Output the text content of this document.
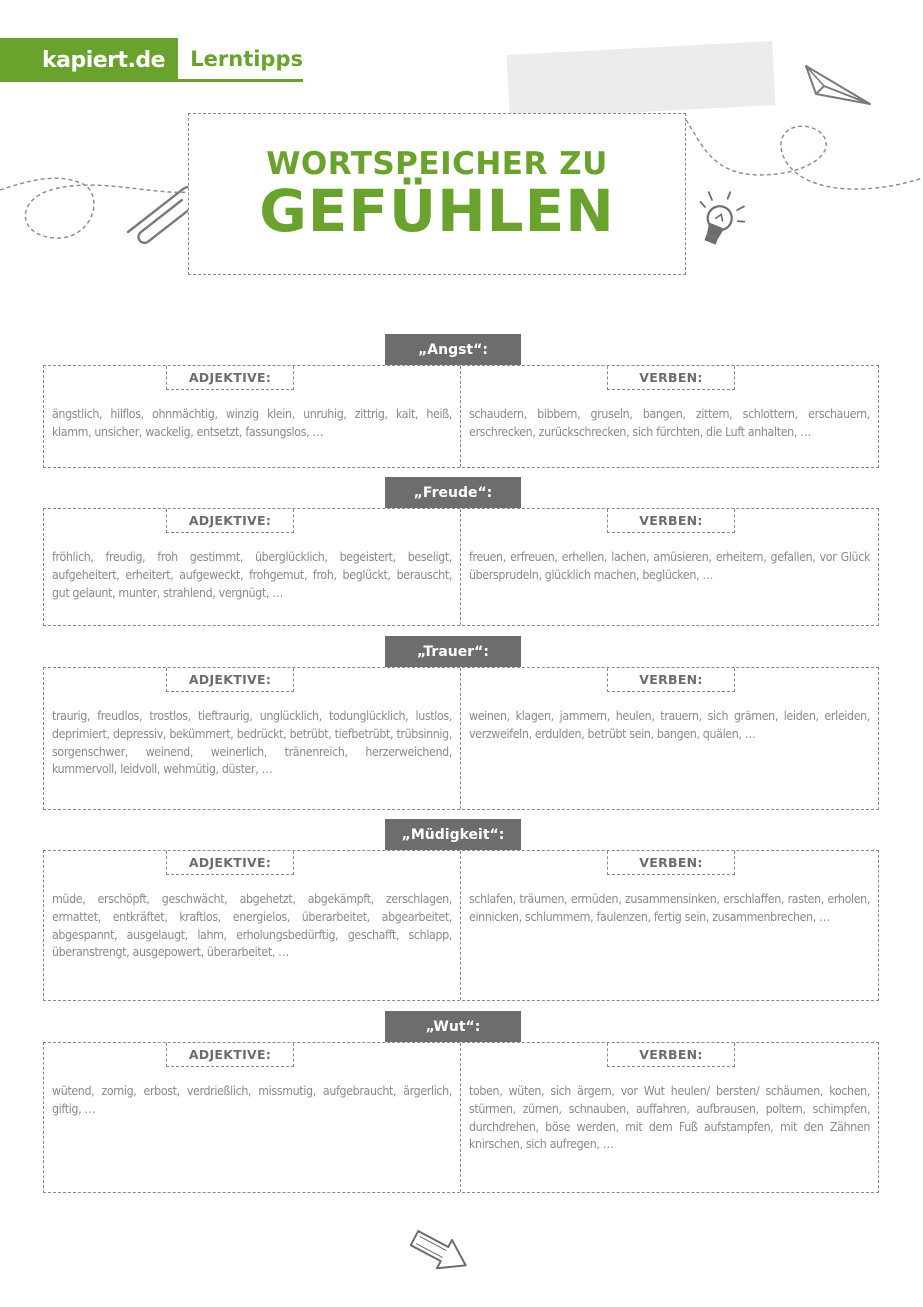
kapiert.de	Lerntipps
WORTSPEICHER ZU
GEFÜHLEN
„Angst“:
ADJEKTIVE:
ängstlich, hilflos, ohnmächtig, winzig klein, unruhig, zittrig, kalt, heiß, klamm, unsicher, wackelig, entsetzt, fassungslos, …
VERBEN:
schaudern, bibbern, gruseln, bangen, zittern, schlottern, erschauern, erschrecken, zurückschrecken, sich fürchten, die Luft anhalten, …
„Freude“:
ADJEKTIVE:
fröhlich, freudig, froh gestimmt, überglücklich, begeistert, beseligt, aufgeheitert, erheitert, aufgeweckt, frohgemut, froh, beglückt, berauscht, gut gelaunt, munter, strahlend, vergnügt, …
VERBEN:
freuen, erfreuen, erhellen, lachen, amüsieren, erheitern, gefallen, vor Glück übersprudeln, glücklich machen, beglücken, …
„Trauer“:
ADJEKTIVE:
traurig, freudlos, trostlos, tieftraurig, unglücklich, todunglücklich, lustlos, deprimiert, depressiv, bekümmert, bedrückt, betrübt, tiefbetrübt, trübsinnig, sorgenschwer, weinend, weinerlich, tränenreich, herzerweichend, kummervoll, leidvoll, wehmütig, düster, …
VERBEN:
weinen, klagen, jammern, heulen, trauern, sich grämen, leiden, erleiden, verzweifeln, erdulden, betrübt sein, bangen, quälen, …
„Müdigkeit“:
ADJEKTIVE:
müde, erschöpft, geschwächt, abgehetzt, abgekämpft, zerschlagen, ermattet, entkräftet, kraftlos, energielos, überarbeitet, abgearbeitet, abgespannt, ausgelaugt, lahm, erholungsbedürftig, geschafft, schlapp, überanstrengt, ausgepowert, überarbeitet, …
VERBEN:
schlafen, träumen, ermüden, zusammensinken, erschlaffen, rasten, erholen, einnicken, schlummern, faulenzen, fertig sein, zusammenbrechen, …
„Wut“:
ADJEKTIVE:
wütend, zornig, erbost, verdrießlich, missmutig, aufgebraucht, ärgerlich, giftig, …
VERBEN:
toben, wüten, sich ärgern, vor Wut heulen/ bersten/ schäumen, kochen, stürmen, zürnen, schnauben, auffahren, aufbrausen, poltern, schimpfen, durchdrehen, böse werden, mit dem Fuß aufstampfen, mit den Zähnen knirschen, sich aufregen, …
